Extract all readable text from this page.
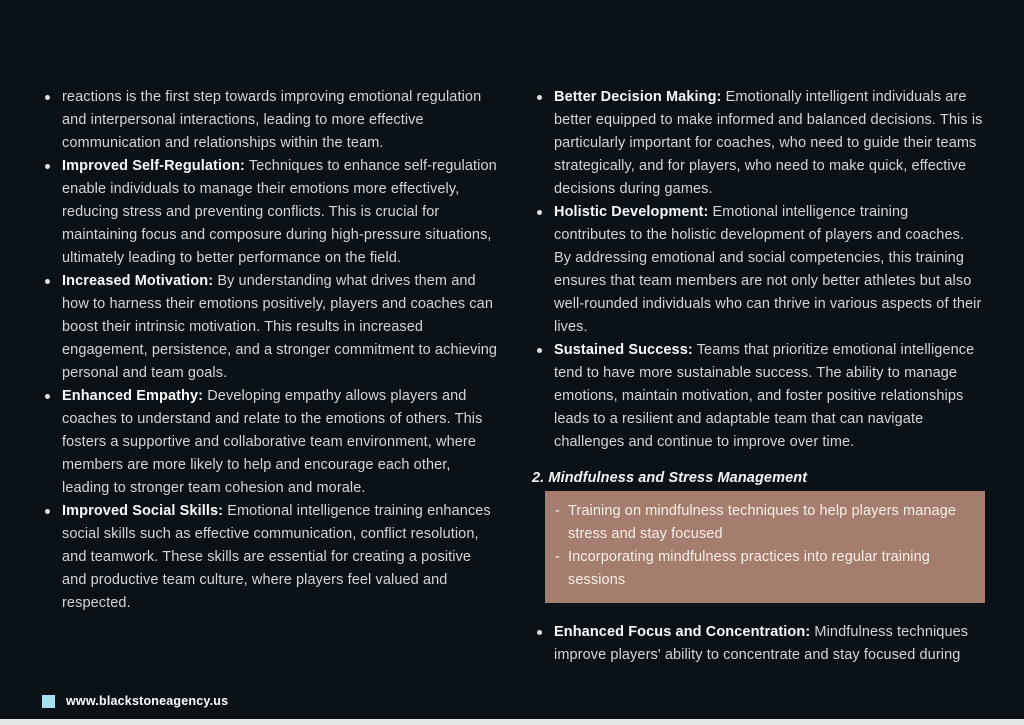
reactions is the first step towards improving emotional regulation and interpersonal interactions, leading to more effective communication and relationships within the team.
Improved Self-Regulation: Techniques to enhance self-regulation enable individuals to manage their emotions more effectively, reducing stress and preventing conflicts. This is crucial for maintaining focus and composure during high-pressure situations, ultimately leading to better performance on the field.
Increased Motivation: By understanding what drives them and how to harness their emotions positively, players and coaches can boost their intrinsic motivation. This results in increased engagement, persistence, and a stronger commitment to achieving personal and team goals.
Enhanced Empathy: Developing empathy allows players and coaches to understand and relate to the emotions of others. This fosters a supportive and collaborative team environment, where members are more likely to help and encourage each other, leading to stronger team cohesion and morale.
Improved Social Skills: Emotional intelligence training enhances social skills such as effective communication, conflict resolution, and teamwork. These skills are essential for creating a positive and productive team culture, where players feel valued and respected.
Better Decision Making: Emotionally intelligent individuals are better equipped to make informed and balanced decisions. This is particularly important for coaches, who need to guide their teams strategically, and for players, who need to make quick, effective decisions during games.
Holistic Development: Emotional intelligence training contributes to the holistic development of players and coaches. By addressing emotional and social competencies, this training ensures that team members are not only better athletes but also well-rounded individuals who can thrive in various aspects of their lives.
Sustained Success: Teams that prioritize emotional intelligence tend to have more sustainable success. The ability to manage emotions, maintain motivation, and foster positive relationships leads to a resilient and adaptable team that can navigate challenges and continue to improve over time.
2. Mindfulness and Stress Management
- Training on mindfulness techniques to help players manage stress and stay focused
- Incorporating mindfulness practices into regular training sessions
Enhanced Focus and Concentration: Mindfulness techniques improve players' ability to concentrate and stay focused during
www.blackstoneagency.us
